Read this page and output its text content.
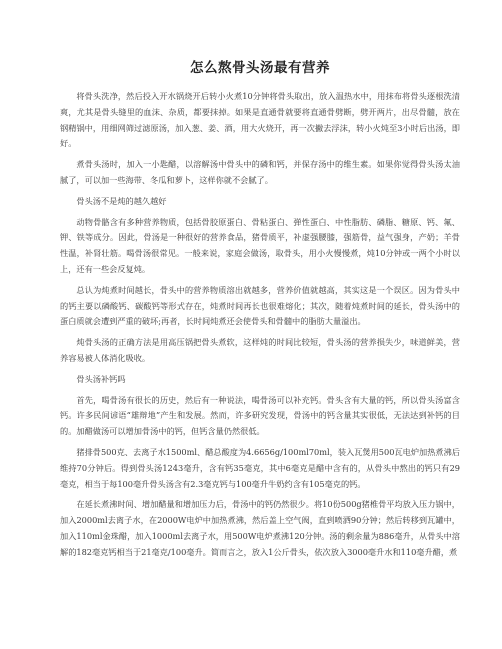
怎么熬骨头汤最有营养

将骨头洗净，然后投入开水锅烧开后转小火煮10分钟将骨头取出，放入温热水中，用抹布将骨头逐根洗清爽，尤其是骨头缝里的血沫、杂质，都要抹掉。如果是直通骨就要将直通骨劈断，劈开两片，出尽骨髓，放在钢精锅中，用细网筛过滤原汤，加入葱、姜、酒，用大火烧开，再一次撇去浮沫，转小火炖至3小时后出汤，即好。

煮骨头汤时，加入一小匙醋，以溶解汤中骨头中的磷和钙，并保存汤中的维生素。如果你觉得骨头汤太油腻了，可以加一些海带、冬瓜和萝卜，这样你就不会腻了。

骨头汤不是炖的越久越好

动物骨骼含有多种营养物质，包括骨胶原蛋白、骨粘蛋白、弹性蛋白、中性脂肪、磷脂、糖原、钙、氟、钾、铁等成分。因此，骨汤是一种很好的营养食品，猪骨质平，补虚强腰膝，强筋骨，益气强身，产奶；羊骨性温，补肾壮筋。喝骨汤很常见。一般来说，家庭会做汤，取骨头，用小火慢慢煮，炖10分钟或一两个小时以上，还有一些会反复炖。

总认为炖煮时间越长，骨头中的营养物质溶出就越多，营养价值就越高，其实这是一个误区。因为骨头中的钙主要以磷酸钙、碳酸钙等形式存在，炖煮时间再长也很难熔化；其次，随着炖煮时间的延长，骨头汤中的蛋白质就会遭到严重的破坏;再者，长时间炖煮还会使骨头和骨髓中的脂肪大量溢出。

炖骨头汤的正确方法是用高压锅把骨头煮软，这样炖的时间比较短，骨头汤的营养损失少，味道鲜美，营养容易被人体消化吸收。

骨头汤补钙吗

首先，喝骨汤有很长的历史，然后有一种说法，喝骨汤可以补充钙。骨头含有大量的钙，所以骨头汤富含钙。许多民间谚语“雄辩地”产生和发展。然而，许多研究发现，骨汤中的钙含量其实很低，无法达到补钙的目的。加醋做汤可以增加骨汤中的钙，但钙含量仍然很低。

猪排骨500克、去离子水1500ml、醋总酸度为4.6656g/100ml70ml，装入瓦煲用500瓦电炉加热煮沸后维持70分钟后。得到骨头汤1243毫升，含有钙35毫克，其中6毫克是醋中含有的，从骨头中熬出的钙只有29毫克，相当于每100毫升骨头汤含有2.3毫克钙与100毫升牛奶约含有105毫克的钙。

在延长煮沸时间、增加醋量和增加压力后，骨汤中的钙仍然很少。将10份500g猪椎骨平均放入压力锅中，加入2000ml去离子水，在2000W电炉中加热煮沸，然后盖上空气阀，直到喷洒90分钟；然后转移到瓦罐中，加入110ml金珠醋，加入1000ml去离子水，用500W电炉煮沸120分钟。汤的剩余量为886毫升，从骨头中溶解的182毫克钙相当于21毫克/100毫升。简而言之，放入1公斤骨头，依次放入3000毫升水和110毫升醋，煮
